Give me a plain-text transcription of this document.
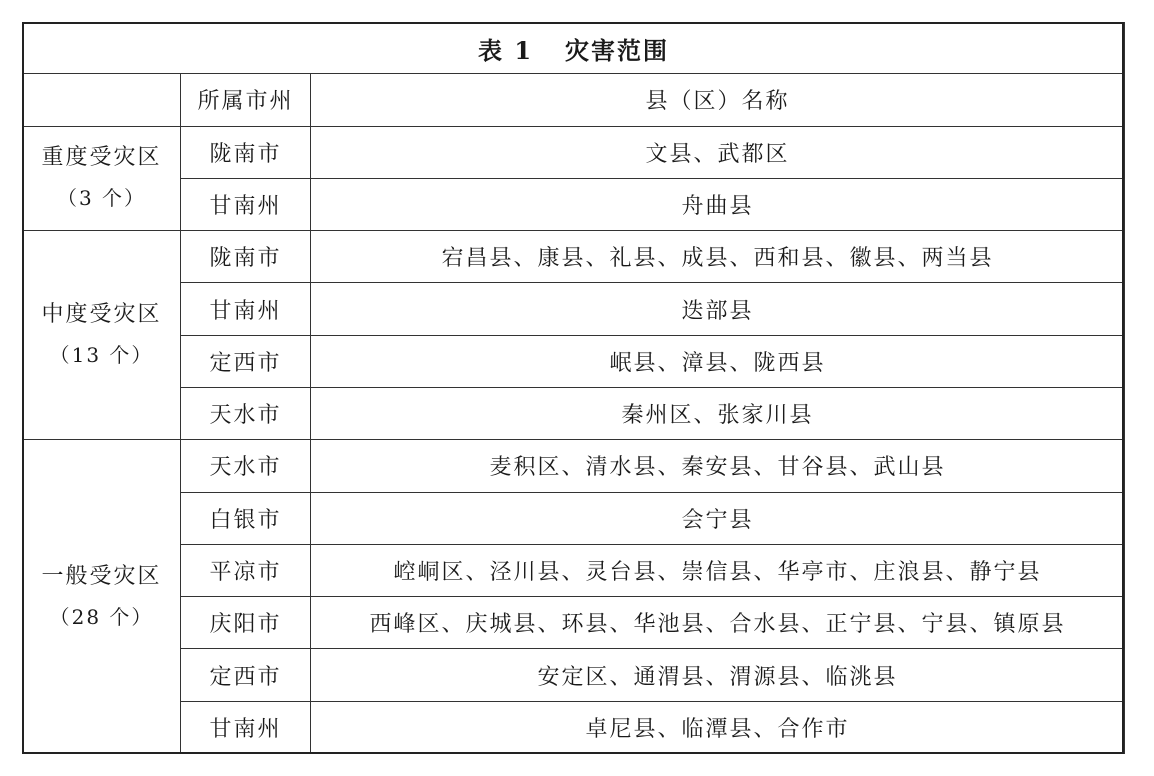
表 1 灾害范围		
	所属市州	县（区）名称

重度受灾区
（3 个）	陇南市	文县、武都区
	甘南州	舟曲县

中度受灾区
（13 个）	陇南市	宕昌县、康县、礼县、成县、西和县、徽县、两当县
	甘南州	迭部县
	定西市	岷县、漳县、陇西县
	天水市	秦州区、张家川县

一般受灾区
（28 个）	天水市	麦积区、清水县、秦安县、甘谷县、武山县
	白银市	会宁县
	平凉市	崆峒区、泾川县、灵台县、崇信县、华亭市、庄浪县、静宁县
	庆阳市	西峰区、庆城县、环县、华池县、合水县、正宁县、宁县、镇原县
	定西市	安定区、通渭县、渭源县、临洮县
	甘南州	卓尼县、临潭县、合作市
